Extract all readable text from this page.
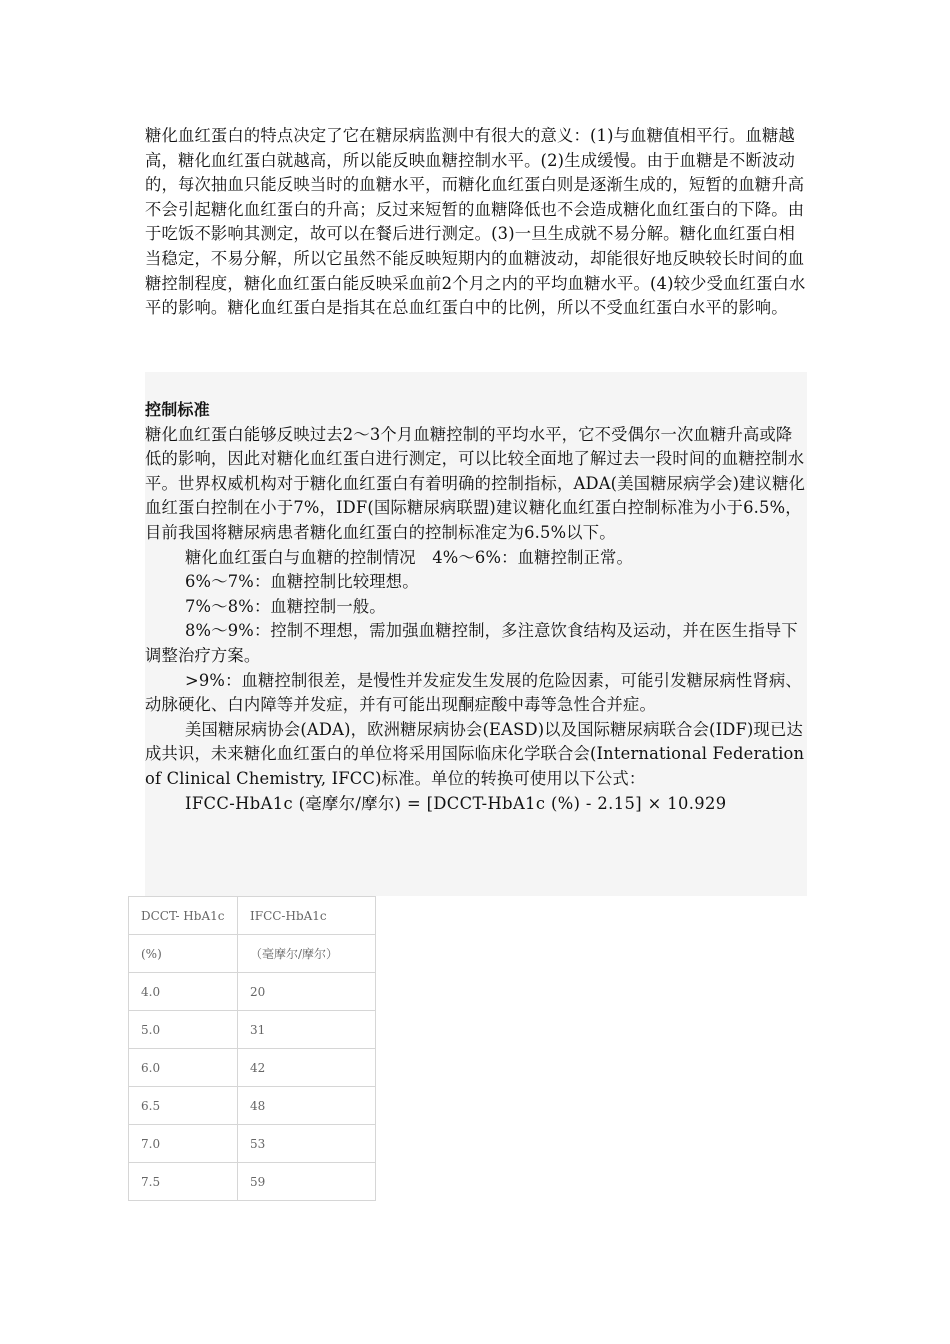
糖化血红蛋白的特点决定了它在糖尿病监测中有很大的意义：(1)与血糖值相平行。血糖越高，糖化血红蛋白就越高，所以能反映血糖控制水平。(2)生成缓慢。由于血糖是不断波动的，每次抽血只能反映当时的血糖水平，而糖化血红蛋白则是逐渐生成的，短暂的血糖升高不会引起糖化血红蛋白的升高；反过来短暂的血糖降低也不会造成糖化血红蛋白的下降。由于吃饭不影响其测定，故可以在餐后进行测定。(3)一旦生成就不易分解。糖化血红蛋白相当稳定，不易分解，所以它虽然不能反映短期内的血糖波动，却能很好地反映较长时间的血糖控制程度，糖化血红蛋白能反映采血前2个月之内的平均血糖水平。(4)较少受血红蛋白水平的影响。糖化血红蛋白是指其在总血红蛋白中的比例，所以不受血红蛋白水平的影响。

控制标准

糖化血红蛋白能够反映过去2～3个月血糖控制的平均水平，它不受偶尔一次血糖升高或降低的影响，因此对糖化血红蛋白进行测定，可以比较全面地了解过去一段时间的血糖控制水平。世界权威机构对于糖化血红蛋白有着明确的控制指标，ADA(美国糖尿病学会)建议糖化血红蛋白控制在小于7%，IDF(国际糖尿病联盟)建议糖化血红蛋白控制标准为小于6.5%，目前我国将糖尿病患者糖化血红蛋白的控制标准定为6.5%以下。

糖化血红蛋白与血糖的控制情况　4%～6%：血糖控制正常。

6%～7%：血糖控制比较理想。

7%～8%：血糖控制一般。

8%～9%：控制不理想，需加强血糖控制，多注意饮食结构及运动，并在医生指导下调整治疗方案。

>9%：血糖控制很差，是慢性并发症发生发展的危险因素，可能引发糖尿病性肾病、动脉硬化、白内障等并发症，并有可能出现酮症酸中毒等急性合并症。

美国糖尿病协会(ADA)，欧洲糖尿病协会(EASD)以及国际糖尿病联合会(IDF)现已达成共识，未来糖化血红蛋白的单位将采用国际临床化学联合会(International Federation of Clinical Chemistry, IFCC)标准。单位的转换可使用以下公式：

IFCC-HbA1c (毫摩尔/摩尔) = [DCCT-HbA1c (%) - 2.15] × 10.929

DCCT- HbA1c	IFCC-HbA1c
(%)	（毫摩尔/摩尔）
4.0	20
5.0	31
6.0	42
6.5	48
7.0	53
7.5	59
